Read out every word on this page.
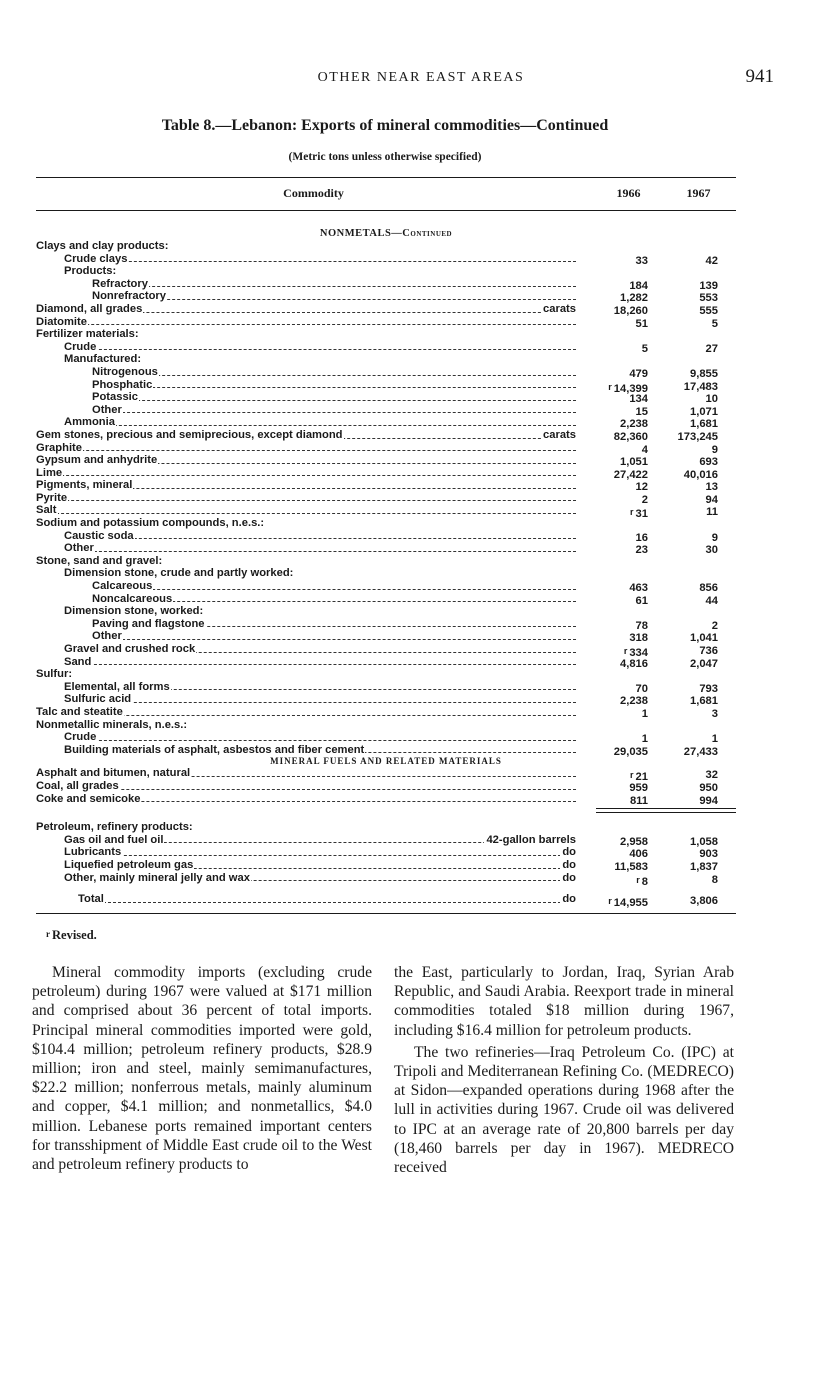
OTHER NEAR EAST AREAS	941
Table 8.—Lebanon: Exports of mineral commodities—Continued
(Metric tons unless otherwise specified)
Commodity	1966	1967
NONMETALS—Continued
Clays and clay products:
Crude clays	33	42
Products:
Refractory	184	139
Nonrefractory	1,282	553
Diamond, all grades	carats	18,260	555
Diatomite	51	5
Fertilizer materials:
Crude	5	27
Manufactured:
Nitrogenous	479	9,855
Phosphatic	r 14,399	17,483
Potassic	134	10
Other	15	1,071
Ammonia	2,238	1,681
Gem stones, precious and semiprecious, except diamond	carats	82,360	173,245
Graphite	4	9
Gypsum and anhydrite	1,051	693
Lime	27,422	40,016
Pigments, mineral	12	13
Pyrite	2	94
Salt	r 31	11
Sodium and potassium compounds, n.e.s.:
Caustic soda	16	9
Other	23	30
Stone, sand and gravel:
Dimension stone, crude and partly worked:
Calcareous	463	856
Noncalcareous	61	44
Dimension stone, worked:
Paving and flagstone	78	2
Other	318	1,041
Gravel and crushed rock	r 334	736
Sand	4,816	2,047
Sulfur:
Elemental, all forms	70	793
Sulfuric acid	2,238	1,681
Talc and steatite	1	3
Nonmetallic minerals, n.e.s.:
Crude	1	1
Building materials of asphalt, asbestos and fiber cement	29,035	27,433
MINERAL FUELS AND RELATED MATERIALS
Asphalt and bitumen, natural	r 21	32
Coal, all grades	959	950
Coke and semicoke	811	994
Petroleum, refinery products:
Gas oil and fuel oil	42-gallon barrels	2,958	1,058
Lubricants	do	406	903
Liquefied petroleum gas	do	11,583	1,837
Other, mainly mineral jelly and wax	do	r 8	8
Total	do	r 14,955	3,806
r Revised.

Mineral commodity imports (excluding crude petroleum) during 1967 were valued at $171 million and comprised about 36 percent of total imports. Principal mineral commodities imported were gold, $104.4 million; petroleum refinery products, $28.9 million; iron and steel, mainly semimanufactures, $22.2 million; nonferrous metals, mainly aluminum and copper, $4.1 million; and nonmetallics, $4.0 million. Lebanese ports remained important centers for transshipment of Middle East crude oil to the West and petroleum refinery products to

the East, particularly to Jordan, Iraq, Syrian Arab Republic, and Saudi Arabia. Reexport trade in mineral commodities totaled $18 million during 1967, including $16.4 million for petroleum products.

The two refineries—Iraq Petroleum Co. (IPC) at Tripoli and Mediterranean Refining Co. (MEDRECO) at Sidon—expanded operations during 1968 after the lull in activities during 1967. Crude oil was delivered to IPC at an average rate of 20,800 barrels per day (18,460 barrels per day in 1967). MEDRECO received
